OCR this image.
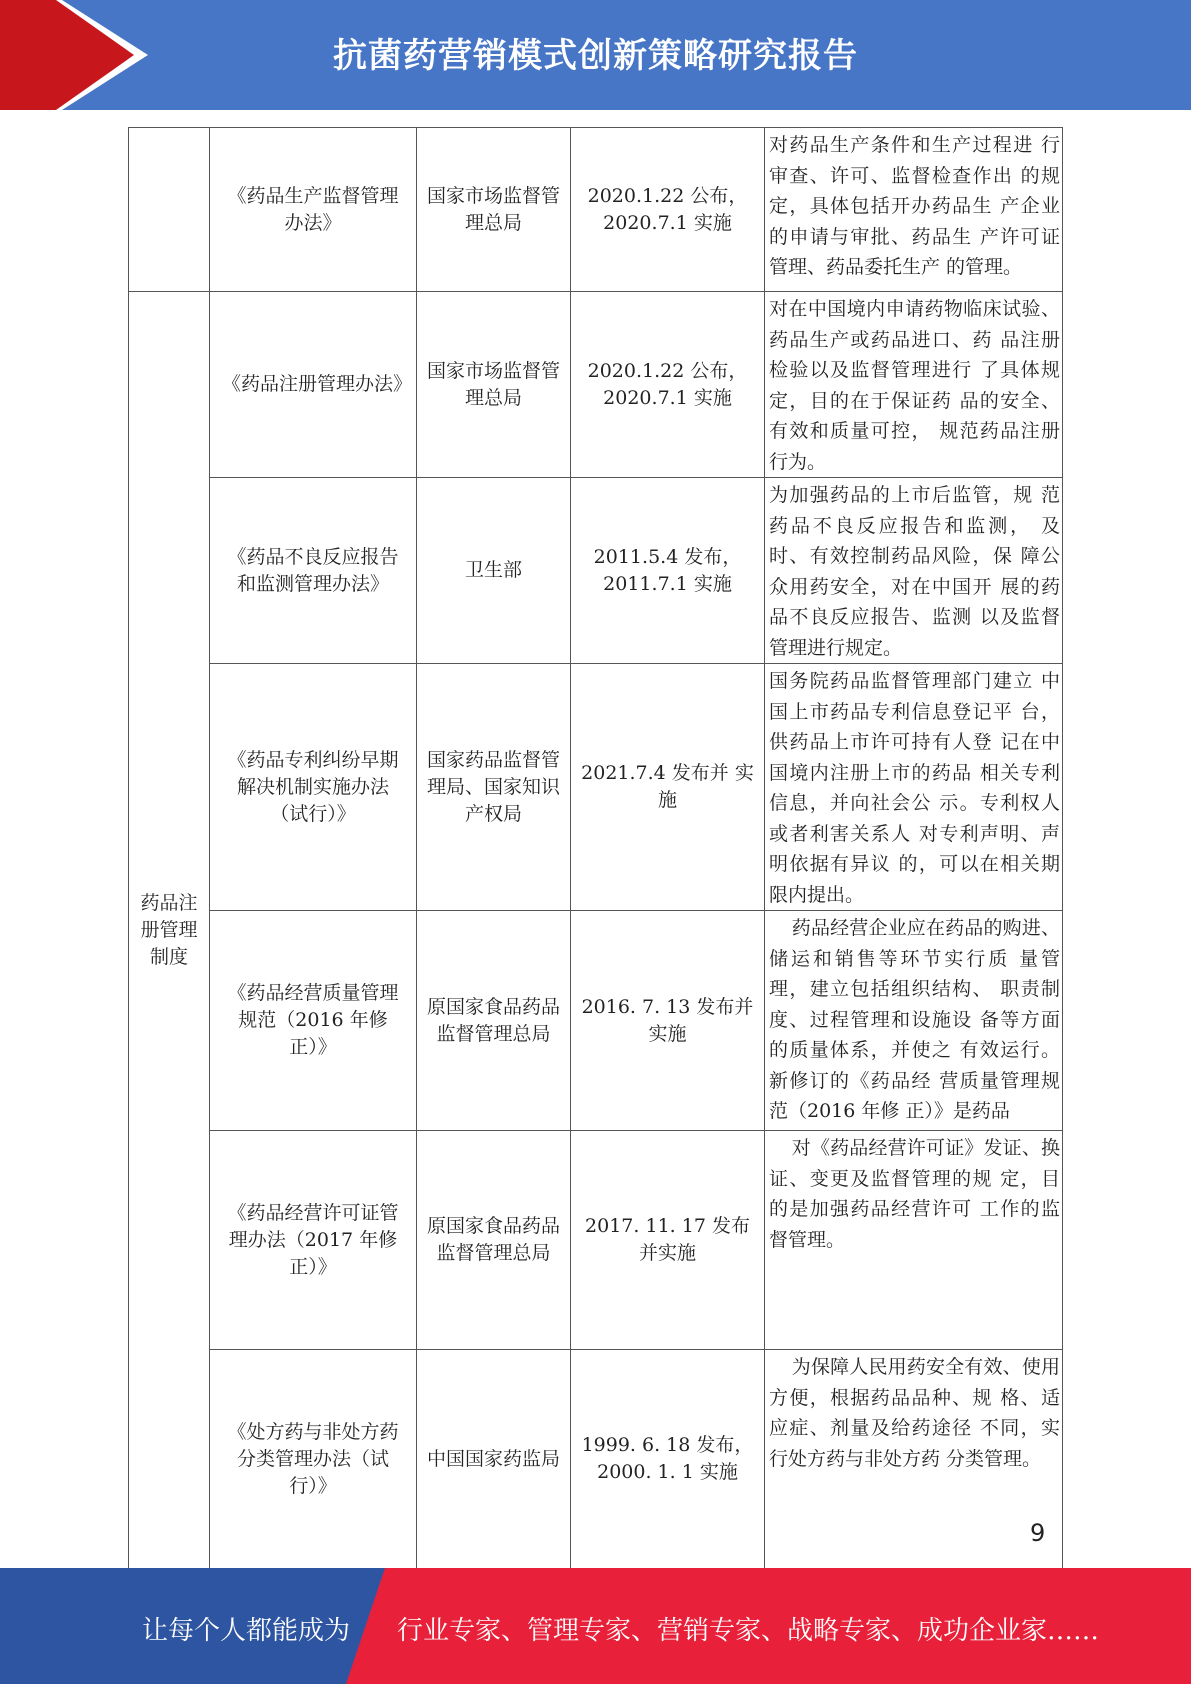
抗菌药营销模式创新策略研究报告
	《药品生产监督管理办法》	国家市场监督管理总局	2020.1.22 公布，2020.7.1 实施	对药品生产条件和生产过程进 行审查、许可、监督检查作出 的规定，具体包括开办药品生 产企业的申请与审批、药品生 产许可证管理、药品委托生产 的管理。
药品注册管理制度	《药品注册管理办法》	国家市场监督管理总局	2020.1.22 公布，2020.7.1 实施	对在中国境内申请药物临床试验、药品生产或药品进口、药 品注册检验以及监督管理进行 了具体规定，目的在于保证药 品的安全、有效和质量可控， 规范药品注册行为。
	《药品不良反应报告和监测管理办法》	卫生部	2011.5.4 发布，2011.7.1 实施	为加强药品的上市后监管，规 范药品不良反应报告和监测， 及时、有效控制药品风险，保 障公众用药安全，对在中国开 展的药品不良反应报告、监测 以及监督管理进行规定。
	《药品专利纠纷早期解决机制实施办法（试行）》	国家药品监督管理局、国家知识产权局	2021.7.4 发布并 实施	国务院药品监督管理部门建立 中国上市药品专利信息登记平 台，供药品上市许可持有人登 记在中国境内注册上市的药品 相关专利信息，并向社会公 示。专利权人或者利害关系人 对专利声明、声明依据有异议 的，可以在相关期限内提出。
	《药品经营质量管理规范（2016 年修正）》	原国家食品药品监督管理总局	2016. 7. 13 发布并实施	药品经营企业应在药品的购进、储运和销售等环节实行质 量管理，建立包括组织结构、 职责制度、过程管理和设施设 备等方面的质量体系，并使之 有效运行。新修订的《药品经 营质量管理规范（2016 年修 正）》是药品
	《药品经营许可证管理办法（2017 年修正）》	原国家食品药品监督管理总局	2017. 11. 17 发布并实施	对《药品经营许可证》发证、换证、变更及监督管理的规 定，目的是加强药品经营许可 工作的监督管理。
	《处方药与非处方药分类管理办法（试行）》	中国国家药监局	1999. 6. 18 发布，2000. 1. 1 实施	为保障人民用药安全有效、使用方便，根据药品品种、规 格、适应症、剂量及给药途径 不同，实行处方药与非处方药 分类管理。
9
让每个人都能成为 行业专家、管理专家、营销专家、战略专家、成功企业家……
